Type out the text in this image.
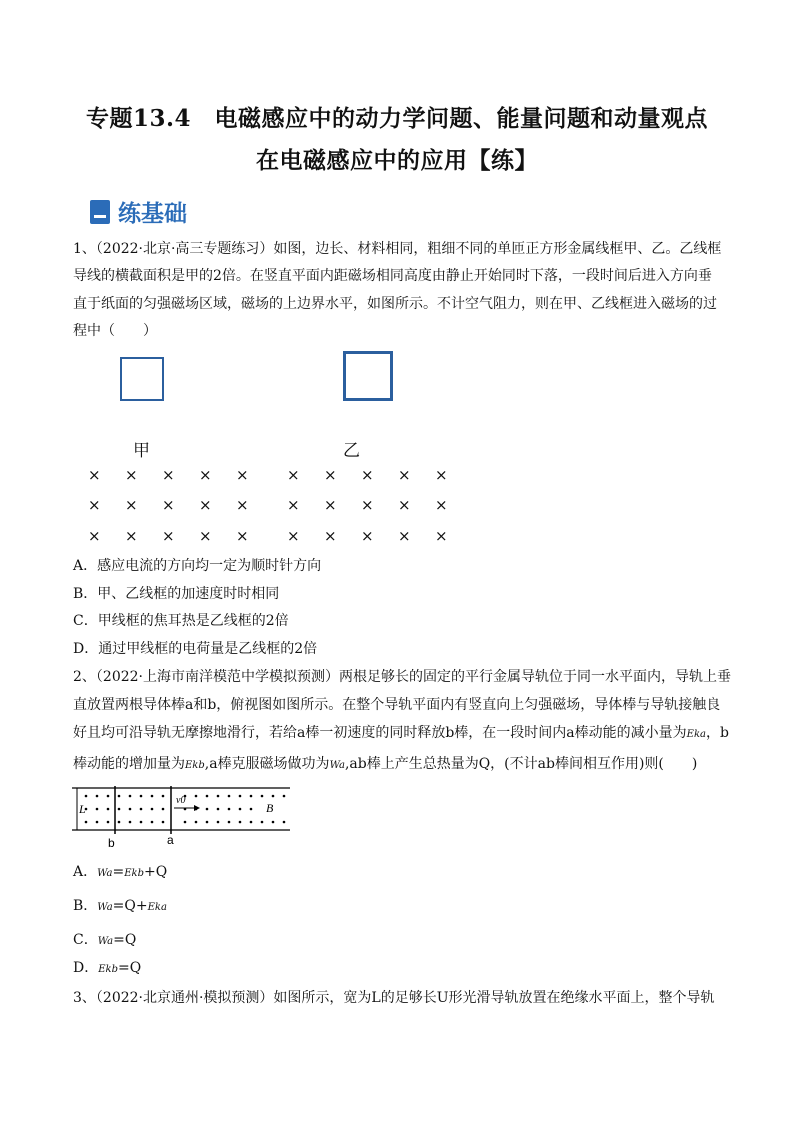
专题13.4　电磁感应中的动力学问题、能量问题和动量观点
在电磁感应中的应用【练】
练基础
1、（2022·北京·高三专题练习）如图，边长、材料相同，粗细不同的单匝正方形金属线框甲、乙。乙线框
导线的横截面积是甲的2倍。在竖直平面内距磁场相同高度由静止开始同时下落，一段时间后进入方向垂
直于纸面的匀强磁场区域，磁场的上边界水平，如图所示。不计空气阻力，则在甲、乙线框进入磁场的过
程中（　　）
甲	乙
× × × × ×	× × × × ×
× × × × ×	× × × × ×
× × × × ×	× × × × ×
A．感应电流的方向均一定为顺时针方向
B．甲、乙线框的加速度时时相同
C．甲线框的焦耳热是乙线框的2倍
D．通过甲线框的电荷量是乙线框的2倍
2、（2022·上海市南洋模范中学模拟预测）两根足够长的固定的平行金属导轨位于同一水平面内，导轨上垂
直放置两根导体棒a和b，俯视图如图所示。在整个导轨平面内有竖直向上匀强磁场，导体棒与导轨接触良
好且均可沿导轨无摩擦地滑行，若给a棒一初速度的同时释放b棒，在一段时间内a棒动能的减小量为Eka，b
棒动能的增加量为Ekb,a棒克服磁场做功为Wa,ab棒上产生总热量为Q，(不计ab棒间相互作用)则(　　)
L
v0
B
b	a
A．Wa=Ekb+Q
B．Wa=Q+Eka
C．Wa=Q
D．Ekb=Q
3、（2022·北京通州·模拟预测）如图所示，宽为L的足够长U形光滑导轨放置在绝缘水平面上，整个导轨
